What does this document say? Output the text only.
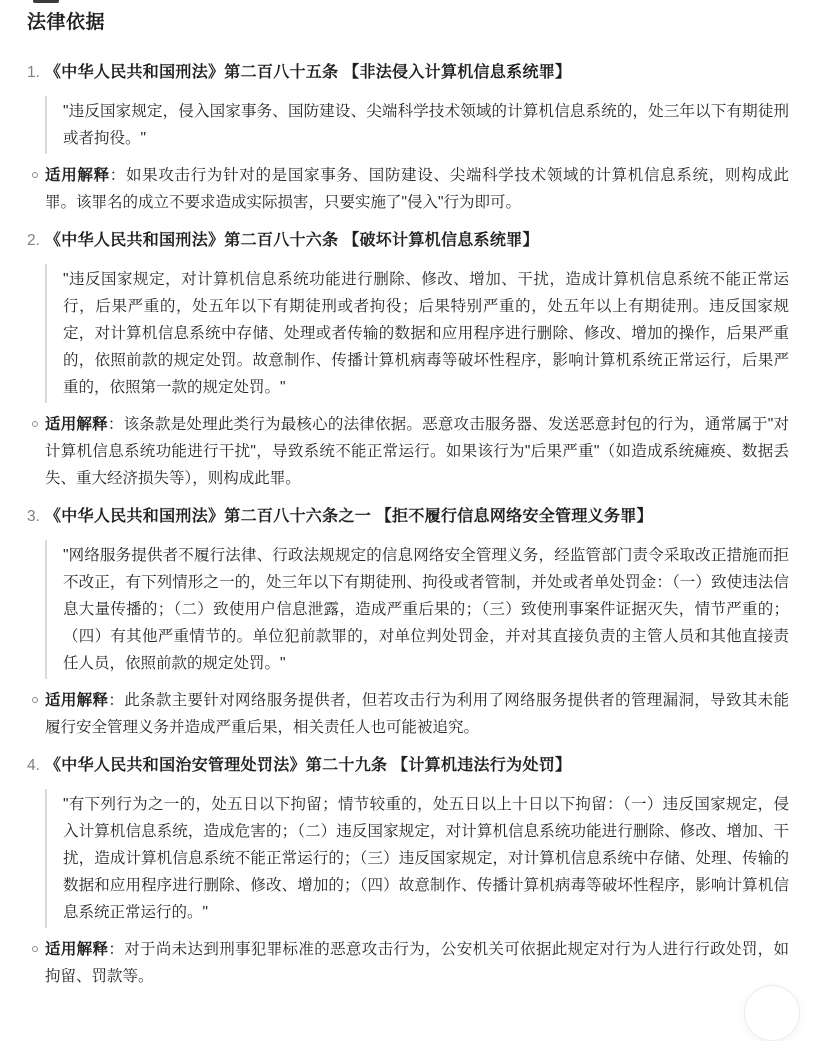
法律依据
1. 《中华人民共和国刑法》第二百八十五条 【非法侵入计算机信息系统罪】

"违反国家规定，侵入国家事务、国防建设、尖端科学技术领域的计算机信息系统的，处三年以下有期徒刑或者拘役。"

适用解释：如果攻击行为针对的是国家事务、国防建设、尖端科学技术领域的计算机信息系统，则构成此罪。该罪名的成立不要求造成实际损害，只要实施了"侵入"行为即可。
2. 《中华人民共和国刑法》第二百八十六条 【破坏计算机信息系统罪】

"违反国家规定，对计算机信息系统功能进行删除、修改、增加、干扰，造成计算机信息系统不能正常运行，后果严重的，处五年以下有期徒刑或者拘役；后果特别严重的，处五年以上有期徒刑。违反国家规定，对计算机信息系统中存储、处理或者传输的数据和应用程序进行删除、修改、增加的操作，后果严重的，依照前款的规定处罚。故意制作、传播计算机病毒等破坏性程序，影响计算机系统正常运行，后果严重的，依照第一款的规定处罚。"

适用解释：该条款是处理此类行为最核心的法律依据。恶意攻击服务器、发送恶意封包的行为，通常属于"对计算机信息系统功能进行干扰"，导致系统不能正常运行。如果该行为"后果严重"（如造成系统瘫痪、数据丢失、重大经济损失等），则构成此罪。
3. 《中华人民共和国刑法》第二百八十六条之一 【拒不履行信息网络安全管理义务罪】

"网络服务提供者不履行法律、行政法规规定的信息网络安全管理义务，经监管部门责令采取改正措施而拒不改正，有下列情形之一的，处三年以下有期徒刑、拘役或者管制，并处或者单处罚金：（一）致使违法信息大量传播的；（二）致使用户信息泄露，造成严重后果的；（三）致使刑事案件证据灭失，情节严重的；（四）有其他严重情节的。单位犯前款罪的，对单位判处罚金，并对其直接负责的主管人员和其他直接责任人员，依照前款的规定处罚。"

适用解释：此条款主要针对网络服务提供者，但若攻击行为利用了网络服务提供者的管理漏洞，导致其未能履行安全管理义务并造成严重后果，相关责任人也可能被追究。
4. 《中华人民共和国治安管理处罚法》第二十九条 【计算机违法行为处罚】

"有下列行为之一的，处五日以下拘留；情节较重的，处五日以上十日以下拘留：（一）违反国家规定，侵入计算机信息系统，造成危害的；（二）违反国家规定，对计算机信息系统功能进行删除、修改、增加、干扰，造成计算机信息系统不能正常运行的；（三）违反国家规定，对计算机信息系统中存储、处理、传输的数据和应用程序进行删除、修改、增加的；（四）故意制作、传播计算机病毒等破坏性程序，影响计算机信息系统正常运行的。"

适用解释：对于尚未达到刑事犯罪标准的恶意攻击行为，公安机关可依据此规定对行为人进行行政处罚，如拘留、罚款等。
